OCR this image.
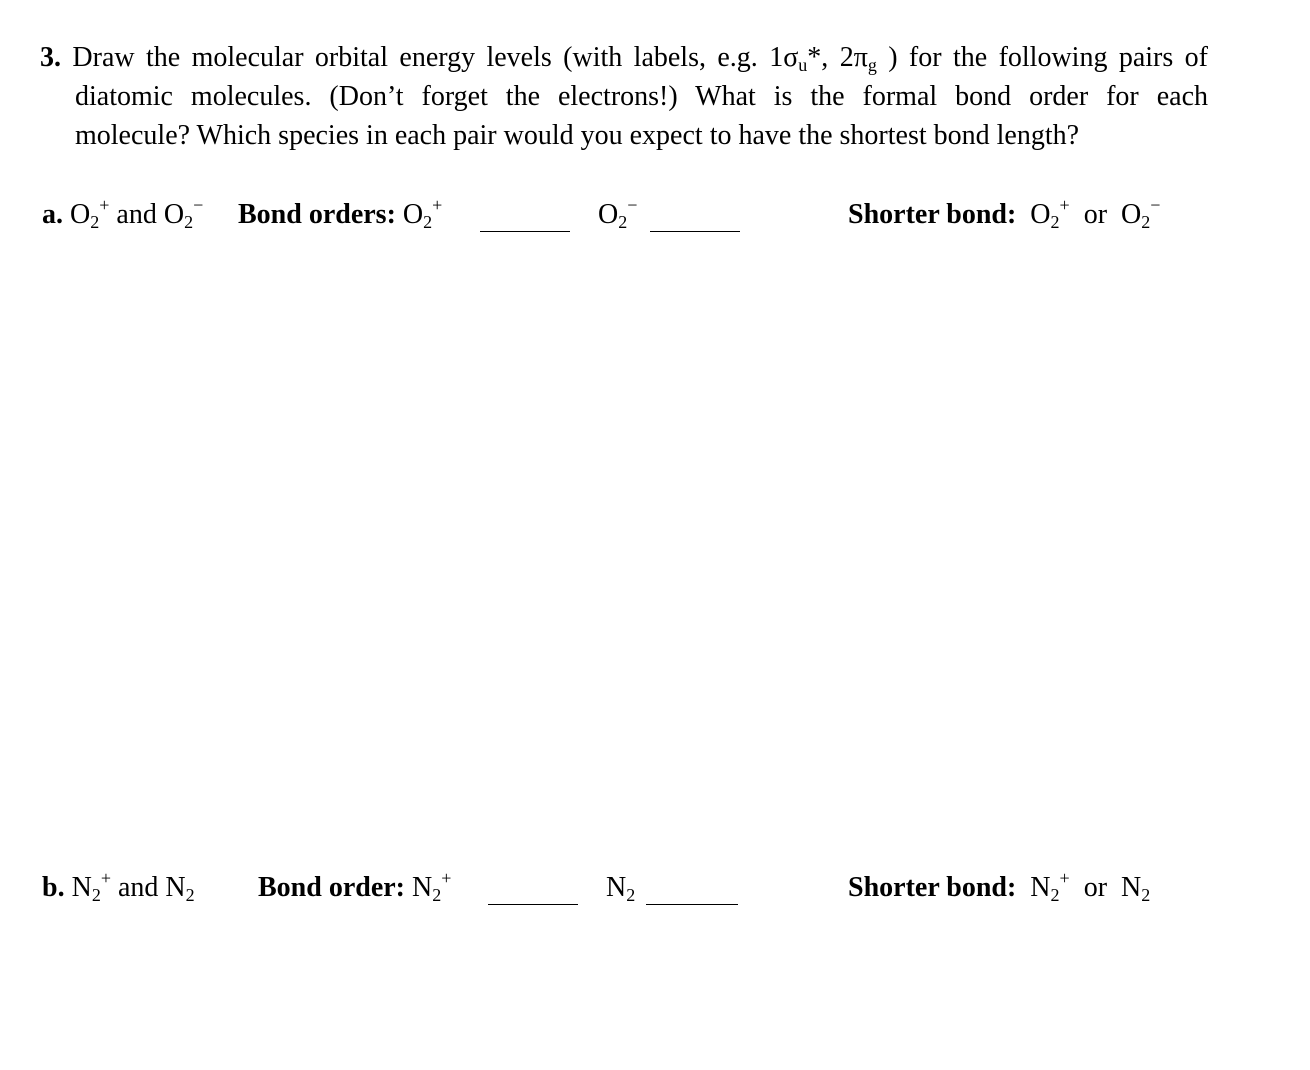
3. Draw the molecular orbital energy levels (with labels, e.g. $1\sigma_u*$, $2\pi_g$ ) for the following pairs of
diatomic molecules. (Don’t forget the electrons!) What is the formal bond order for each
molecule? Which species in each pair would you expect to have the shortest bond length?
a. $O_2^+$ and $O_2^-$ Bond orders: $O_2^+$	$O_2^-$	Shorter bond: $O_2^+$ or $O_2^-$
b. $N_2^+$ and $N_2$ Bond order: $N_2^+$	$N_2$	Shorter bond: $N_2^+$ or $N_2$
